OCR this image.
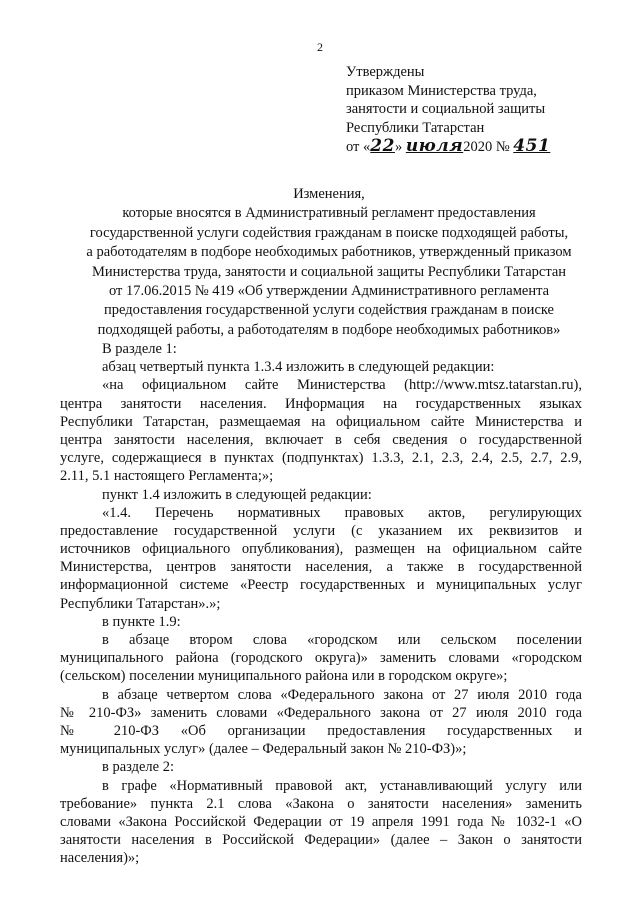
2
Утверждены
приказом Министерства труда,
занятости и социальной защиты
Республики Татарстан
от «22» июля2020 № 451
Изменения,
которые вносятся в Административный регламент предоставления
государственной услуги содействия гражданам в поиске подходящей работы,
а работодателям в подборе необходимых работников, утвержденный приказом
Министерства труда, занятости и социальной защиты Республики Татарстан
от 17.06.2015 № 419 «Об утверждении Административного регламента
предоставления государственной услуги содействия гражданам в поиске
подходящей работы, а работодателям в подборе необходимых работников»
В разделе 1:
абзац четвертый пункта 1.3.4 изложить в следующей редакции:
«на официальном сайте Министерства (http://www.mtsz.tatarstan.ru),
центра занятости населения. Информация на государственных языках
Республики Татарстан, размещаемая на официальном сайте Министерства и
центра занятости населения, включает в себя сведения о государственной
услуге, содержащиеся в пунктах (подпунктах) 1.3.3, 2.1, 2.3, 2.4, 2.5, 2.7, 2.9,
2.11, 5.1 настоящего Регламента;»;
пункт 1.4 изложить в следующей редакции:
«1.4. Перечень нормативных правовых актов, регулирующих
предоставление государственной услуги (с указанием их реквизитов и
источников официального опубликования), размещен на официальном сайте
Министерства, центров занятости населения, а также в государственной
информационной системе «Реестр государственных и муниципальных услуг
Республики Татарстан».»;
в пункте 1.9:
в абзаце втором слова «городском или сельском поселении
муниципального района (городского округа)» заменить словами «городском
(сельском) поселении муниципального района или в городском округе»;
в абзаце четвертом слова «Федерального закона от 27 июля 2010 года
№ 210-ФЗ» заменить словами «Федерального закона от 27 июля 2010 года
№ 210-ФЗ «Об организации предоставления государственных и
муниципальных услуг» (далее – Федеральный закон № 210-ФЗ)»;
в разделе 2:
в графе «Нормативный правовой акт, устанавливающий услугу или
требование» пункта 2.1 слова «Закона о занятости населения» заменить
словами «Закона Российской Федерации от 19 апреля 1991 года № 1032-1 «О
занятости населения в Российской Федерации» (далее – Закон о занятости
населения)»;
